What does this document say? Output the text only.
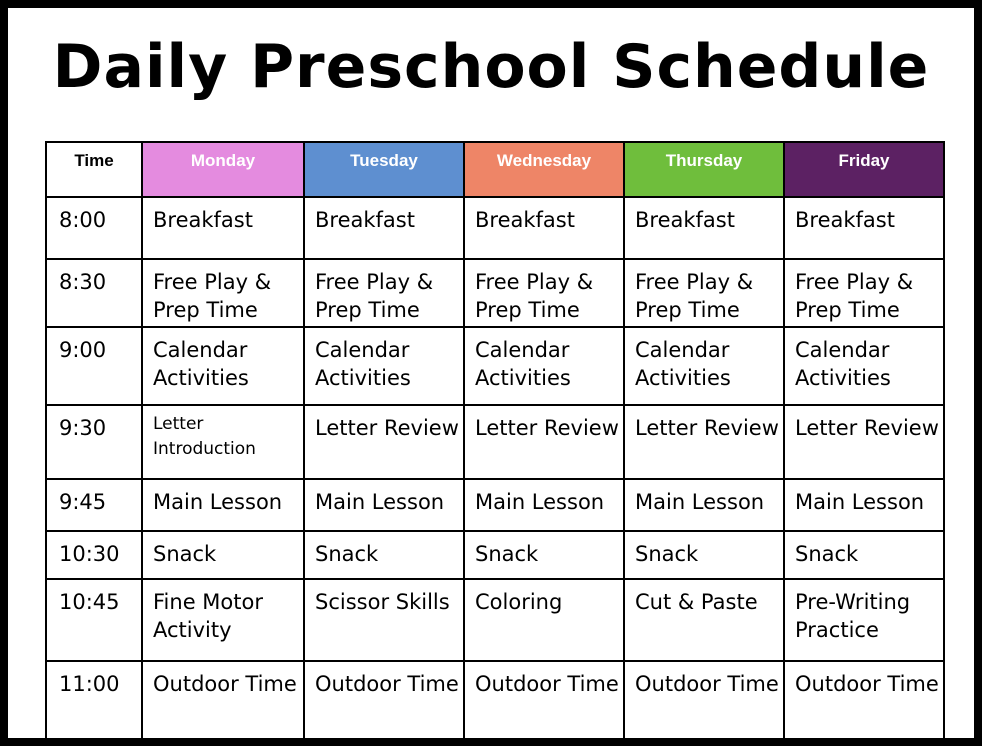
Daily Preschool Schedule
Time	Monday	Tuesday	Wednesday	Thursday	Friday

8:00	Breakfast	Breakfast	Breakfast	Breakfast	Breakfast

8:30	Free Play & Prep Time	Free Play & Prep Time	Free Play & Prep Time	Free Play & Prep Time	Free Play & Prep Time

9:00	Calendar Activities	Calendar Activities	Calendar Activities	Calendar Activities	Calendar Activities

9:30	Letter Introduction	Letter Review	Letter Review	Letter Review	Letter Review

9:45	Main Lesson	Main Lesson	Main Lesson	Main Lesson	Main Lesson

10:30	Snack	Snack	Snack	Snack	Snack

10:45	Fine Motor Activity	Scissor Skills	Coloring	Cut & Paste	Pre-Writing Practice

11:00	Outdoor Time	Outdoor Time	Outdoor Time	Outdoor Time	Outdoor Time
